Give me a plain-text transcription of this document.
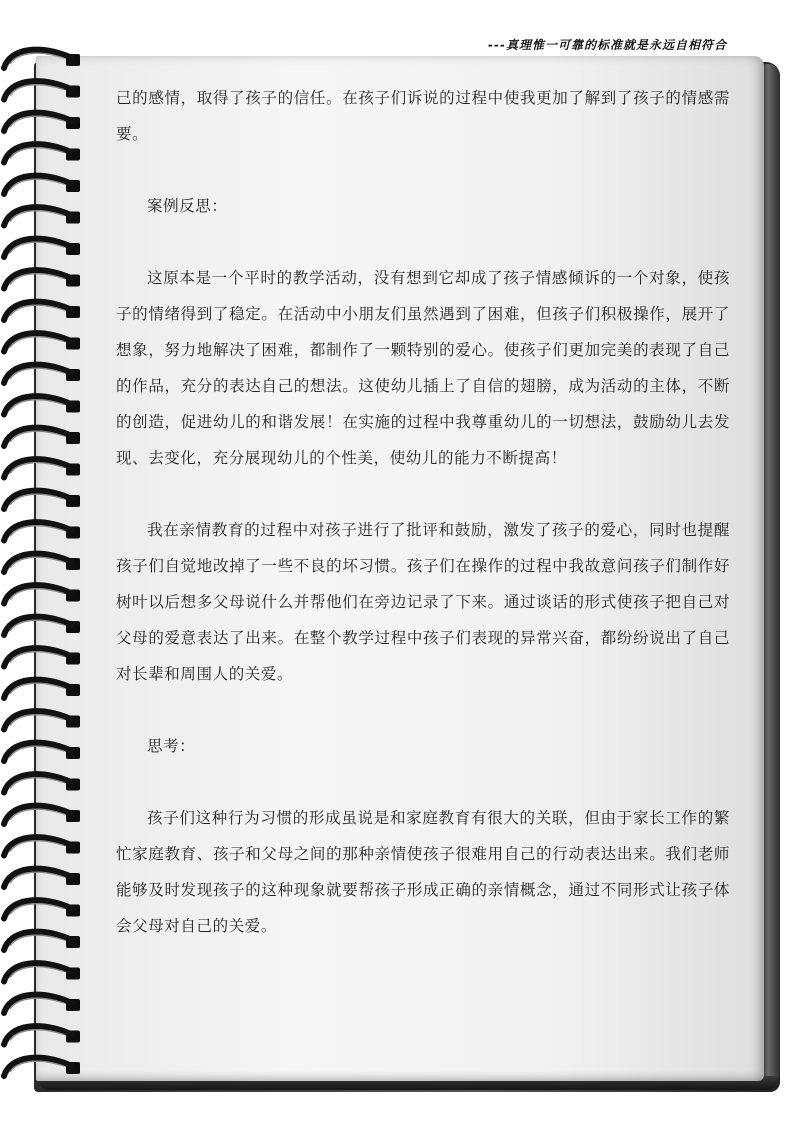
---真理惟一可靠的标准就是永远自相符合

己的感情，取得了孩子的信任。在孩子们诉说的过程中使我更加了解到了孩子的情感需要。

案例反思：

这原本是一个平时的教学活动，没有想到它却成了孩子情感倾诉的一个对象，使孩子的情绪得到了稳定。在活动中小朋友们虽然遇到了困难，但孩子们积极操作，展开了想象，努力地解决了困难，都制作了一颗特别的爱心。使孩子们更加完美的表现了自己的作品，充分的表达自己的想法。这使幼儿插上了自信的翅膀，成为活动的主体，不断的创造，促进幼儿的和谐发展！在实施的过程中我尊重幼儿的一切想法，鼓励幼儿去发现、去变化，充分展现幼儿的个性美，使幼儿的能力不断提高！

我在亲情教育的过程中对孩子进行了批评和鼓励，激发了孩子的爱心，同时也提醒孩子们自觉地改掉了一些不良的坏习惯。孩子们在操作的过程中我故意问孩子们制作好树叶以后想多父母说什么并帮他们在旁边记录了下来。通过谈话的形式使孩子把自己对父母的爱意表达了出来。在整个教学过程中孩子们表现的异常兴奋，都纷纷说出了自己对长辈和周围人的关爱。

思考：

孩子们这种行为习惯的形成虽说是和家庭教育有很大的关联，但由于家长工作的繁忙家庭教育、孩子和父母之间的那种亲情使孩子很难用自己的行动表达出来。我们老师能够及时发现孩子的这种现象就要帮孩子形成正确的亲情概念，通过不同形式让孩子体会父母对自己的关爱。
